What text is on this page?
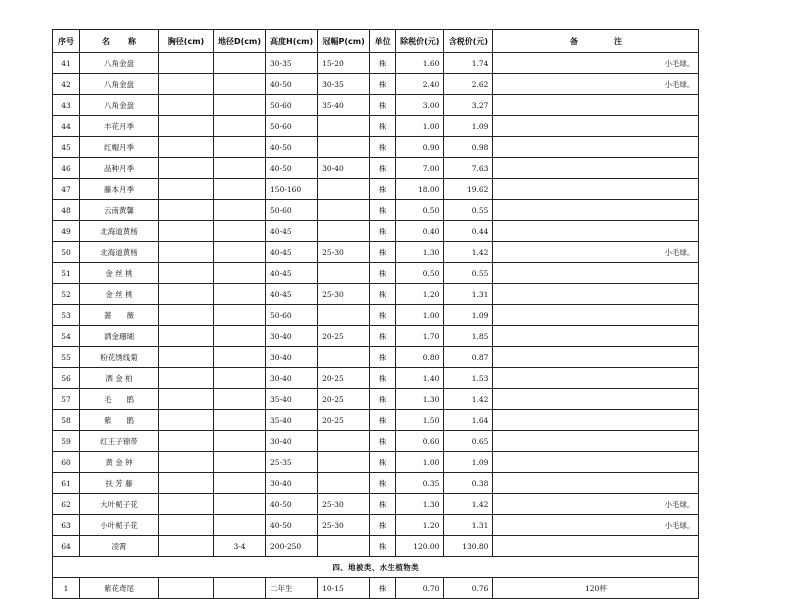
序号	名 称	胸径(cm)	地径D(cm)	高度H(cm)	冠幅P(cm)	单位	除税价(元)	含税价(元)	备 注
41	八角金盘			30-35	15-20	株	1.60	1.74	小毛球。
42	八角金盘			40-50	30-35	株	2.40	2.62	小毛球。
43	八角金盘			50-60	35-40	株	3.00	3.27	
44	丰花月季			50-60		株	1.00	1.09	
45	红帽月季			40-50		株	0.90	0.98	
46	品种月季			40-50	30-40	株	7.00	7.63	
47	藤本月季			150-160		株	18.00	19.62	
48	云南黄馨			50-60		株	0.50	0.55	
49	北海道黄杨			40-45		株	0.40	0.44	
50	北海道黄杨			40-45	25-30	株	1.30	1.42	小毛球。
51	金 丝 桃			40-45		株	0.50	0.55	
52	金 丝 桃			40-45	25-30	株	1.20	1.31	
53	蔷　　薇			50-60		株	1.00	1.09	
54	洒金珊瑚			30-40	20-25	株	1.70	1.85	
55	粉花绣线菊			30-40		株	0.80	0.87	
56	洒 金 柏			30-40	20-25	株	1.40	1.53	
57	毛　　鹃			35-40	20-25	株	1.30	1.42	
58	紫　　鹃			35-40	20-25	株	1.50	1.64	
59	红王子锦带			30-40		株	0.60	0.65	
60	黄 金 钟			25-35		株	1.00	1.09	
61	扶 芳 藤			30-40		株	0.35	0.38	
62	大叶栀子花			40-50	25-30	株	1.30	1.42	小毛球。
63	小叶栀子花			40-50	25-30	株	1.20	1.31	小毛球。
64	凌霄		3-4	200-250		株	120.00	130.80	
四、地被类、水生植物类									
1	紫花鸢尾			二年生	10-15	株	0.70	0.76	120杯
